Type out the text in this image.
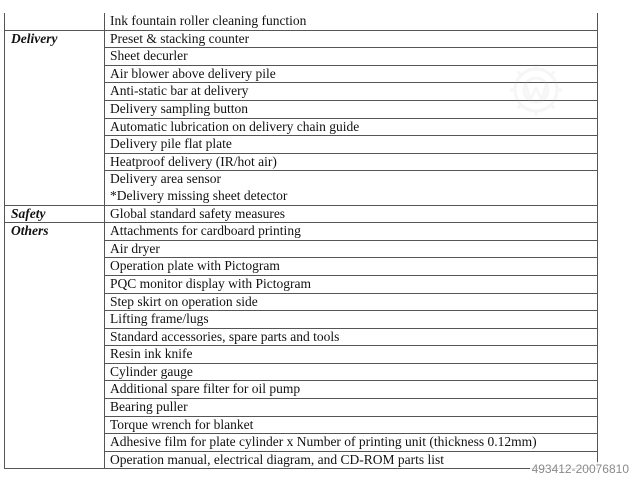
	Ink fountain roller cleaning function
Delivery	Preset & stacking counter
	Sheet decurler
	Air blower above delivery pile
	Anti-static bar at delivery
	Delivery sampling button
	Automatic lubrication on delivery chain guide
	Delivery pile flat plate
	Heatproof delivery (IR/hot air)
	Delivery area sensor
*Delivery missing sheet detector
Safety	Global standard safety measures
Others	Attachments for cardboard printing
	Air dryer
	Operation plate with Pictogram
	PQC monitor display with Pictogram
	Step skirt on operation side
	Lifting frame/lugs
	Standard accessories, spare parts and tools
	Resin ink knife
	Cylinder gauge
	Additional spare filter for oil pump
	Bearing puller
	Torque wrench for blanket
	Adhesive film for plate cylinder x Number of printing unit (thickness 0.12mm)
	Operation manual, electrical diagram, and CD-ROM parts list
493412-20076810
